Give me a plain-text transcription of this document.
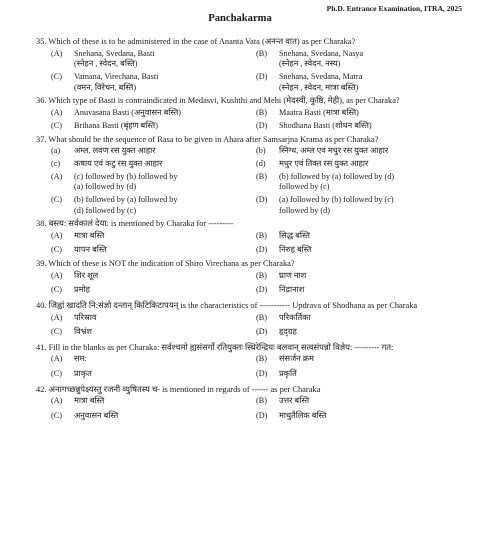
Ph.D. Entrance Examination, ITRA, 2025
Panchakarma
35. Which of these is to be administered in the case of Ananta Vata (अनन्त वात) as per Charaka?
(A)	Snehana, Svedana, Basti
(स्नेहन , स्वेदन, बस्ति)
(B)	Snehana, Svedana, Nasya
(स्नेहन , स्वेदन, नस्य)
(C)	Vamana, Virechana, Basti
(वमन, विरेचन, बस्ति)
(D)	Snehana, Svedana, Matra
(स्नेहन , स्वेदन, मात्रा बस्ति)
36. Which type of Basti is contraindicated in Medasvi, Kushthi and Mehi (मेदस्वी, कुष्ठि, मेही), as per Charaka?
(A)	Anuvasana Basti (अनुवासन बस्ति)	(B)	Maatra Basti (मात्रा बस्ति)
(C)	Brihana Basti (बृंहण बस्ति)	(D)	Shodhana Basti (शोधन बस्ति)
37. What should be the sequence of Rasa to be given in Ahara after Samsarjna Krama as per Charaka?
(a)	अम्ल, लवण रस युक्त आहार	(b)	स्निग्ध, अम्ल एवं मधुर रस युक्त आहार
(c)	कषाय एवं कटु रस युक्त आहार	(d)	मधुर एवं तिक्त रस युक्त आहार
(A)	(c) followed by (b) followed by
(a) followed by (d)
(B)	(b) followed by (a) followed by (d)
followed by (c)
(C)	(b) followed by (a) followed by
(d) followed by (c)
(D)	(a) followed by (b) followed by (c)
followed by (d)
38. बस्त्य: सर्वकालं देया: is mentioned by Charaka for ---------
(A)	मात्रा बस्ति	(B)	सिद्ध बस्ति
(C)	यापन बस्ति	(D)	निरुह बस्ति
39. Which of these is NOT the indication of Shiro Virechana as per Charaka?
(A)	शिर शूल	(B)	घ्राण नाश
(C)	प्रमोह	(D)	निद्रानाश
40. जिह्वां खादति नि:संज्ञो दन्तान् किटिकिटापयन् is the characteristics of ----------- Updrava of Shodhana as per Charaka
(A)	परिस्राव	(B)	परिकर्तिका
(C)	विभ्रंश	(D)	हृद्ग्रह
41. Fill in the blanks as per Charaka: सर्वश्चमो ह्यसंसर्गो रतियुक्तः स्थिरेन्द्रियः बलवान् सत्वसंपन्नो विज्ञेय: --------- गत:
(A)	सम:	(B)	संसर्जन क्रम
(C)	प्राकृत	(D)	प्रकृतिं
42. अनागच्छन्नुपेक्ष्यस्तु रजनी व्युषितस्य च- is mentioned in regards of ------ as per Charaka
(A)	मात्रा बस्ति	(B)	उत्तर बस्ति
(C)	अनुवासन बस्ति	(D)	माधुतैलिक बस्ति
